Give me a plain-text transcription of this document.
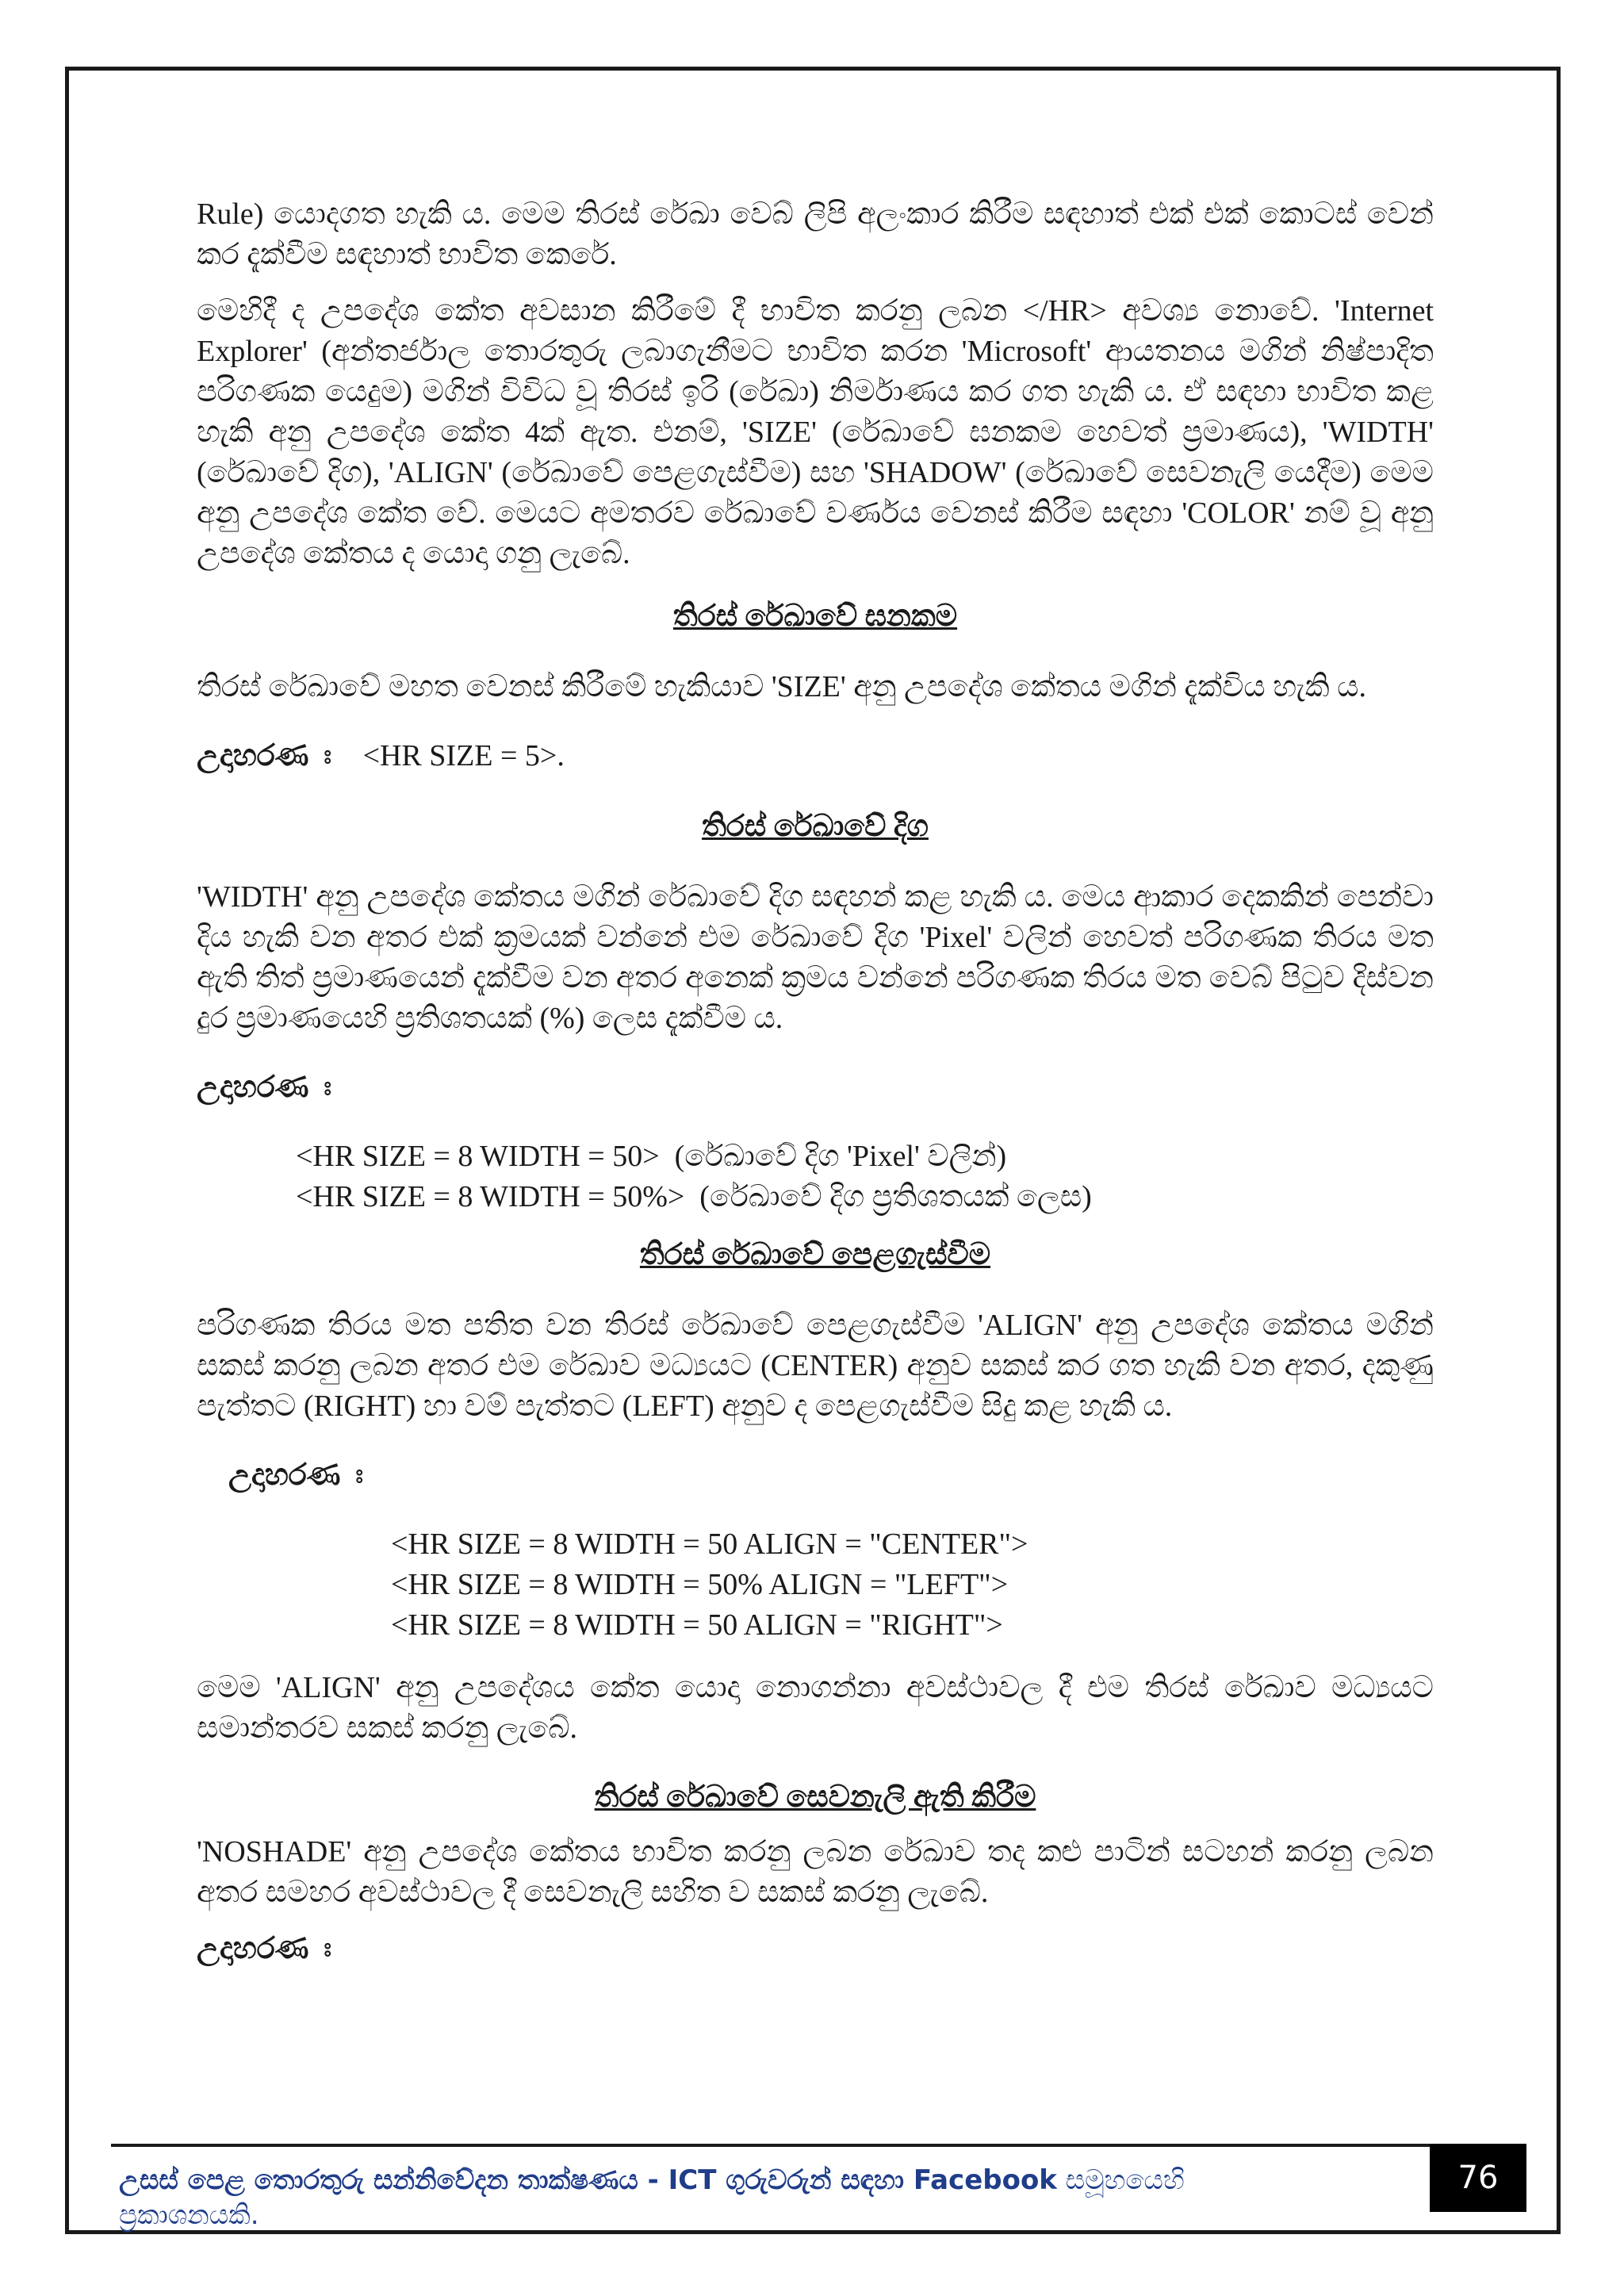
Rule) යොදගත හැකි ය. මෙම තිරස් රේඛා වෙබ් ලිපි අලංකාර කිරීම සඳහාත් එක් එක් කොටස් වෙන් කර දැක්වීම සඳහාත් භාවිත කෙරේ.

මෙහිදී ද උපදේශ කේත අවසාන කිරීමේ දී භාවිත කරනු ලබන </HR> අවශ්‍ය නොවේ. 'Internet Explorer' (අන්තර්ජාල තොරතුරු ලබාගැනීමට භාවිත කරන 'Microsoft' ආයතනය මගින් නිෂ්පාදිත පරිගණක යෙදුම) මගින් විවිධ වූ තිරස් ඉරි (රේඛා) නිර්මාණය කර ගත හැකි ය. ඒ සඳහා භාවිත කළ හැකි අනු උපදේශ කේත 4ක් ඇත. එනම්, 'SIZE' (රේඛාවේ ඝනකම හෙවත් ප්‍රමාණය), 'WIDTH' (රේඛාවේ දිග), 'ALIGN' (රේඛාවේ පෙළගැස්වීම) සහ 'SHADOW' (රේඛාවේ සෙවනැලි යෙදීම) මෙම අනු උපදේශ කේත වේ. මෙයට අමතරව රේඛාවේ වර්ණය වෙනස් කිරීම සඳහා 'COLOR' නම් වූ අනු උපදේශ කේතය ද යොදා ගනු ලැබේ.

තිරස් රේඛාවේ ඝනකම

තිරස් රේඛාවේ මහත වෙනස් කිරීමේ හැකියාව 'SIZE' අනු උපදේශ කේතය මගින් දැක්විය හැකි ය.

උදාහරණ ඃ <HR SIZE = 5>.

තිරස් රේඛාවේ දිග

'WIDTH' අනු උපදේශ කේතය මගින් රේඛාවේ දිග සඳහන් කළ හැකි ය. මෙය ආකාර දෙකකින් පෙන්වා දිය හැකි වන අතර එක් ක්‍රමයක් වන්නේ එම රේඛාවේ දිග 'Pixel' වලින් හෙවත් පරිගණක තිරය මත ඇති තිත් ප්‍රමාණයෙන් දැක්වීම වන අතර අනෙක් ක්‍රමය වන්නේ පරිගණක තිරය මත වෙබ් පිටුව දිස්වන දුර ප්‍රමාණයෙහි ප්‍රතිශතයක් (%) ලෙස දැක්වීම ය.

උදාහරණ ඃ

<HR SIZE = 8 WIDTH = 50>  (රේඛාවේ දිග 'Pixel' වලින්)

<HR SIZE = 8 WIDTH = 50%>  (රේඛාවේ දිග ප්‍රතිශතයක් ලෙස)

තිරස් රේඛාවේ පෙළගැස්වීම

පරිගණක තිරය මත පතිත වන තිරස් රේඛාවේ පෙළගැස්වීම 'ALIGN' අනු උපදේශ කේතය මගින් සකස් කරනු ලබන අතර එම රේඛාව මධ්‍යයට (CENTER) අනුව සකස් කර ගත හැකි වන අතර, දකුණු පැත්තට (RIGHT) හා වම් පැත්තට (LEFT) අනුව ද පෙළගැස්වීම සිදු කළ හැකි ය.

උදාහරණ ඃ

<HR SIZE = 8 WIDTH = 50 ALIGN = "CENTER">

<HR SIZE = 8 WIDTH = 50% ALIGN = "LEFT">

<HR SIZE = 8 WIDTH = 50 ALIGN = "RIGHT">

මෙම 'ALIGN' අනු උපදේශය කේත යොදා නොගන්නා අවස්ථාවල දී එම තිරස් රේඛාව මධ්‍යයට සමාන්තරව සකස් කරනු ලැබේ.

තිරස් රේඛාවේ සෙවනැලි ඇති කිරීම

'NOSHADE' අනු උපදේශ කේතය භාවිත කරනු ලබන රේඛාව තද කළු පාටින් සටහන් කරනු ලබන අතර සමහර අවස්ථාවල දී සෙවනැලි සහිත ව සකස් කරනු ලැබේ.

උදාහරණ ඃ

උසස් පෙළ තොරතුරු සන්නිවේදන තාක්ෂණය - ICT ගුරුවරුන් සඳහා Facebook සමූහයෙහි ප්‍රකාශනයකි.
76
